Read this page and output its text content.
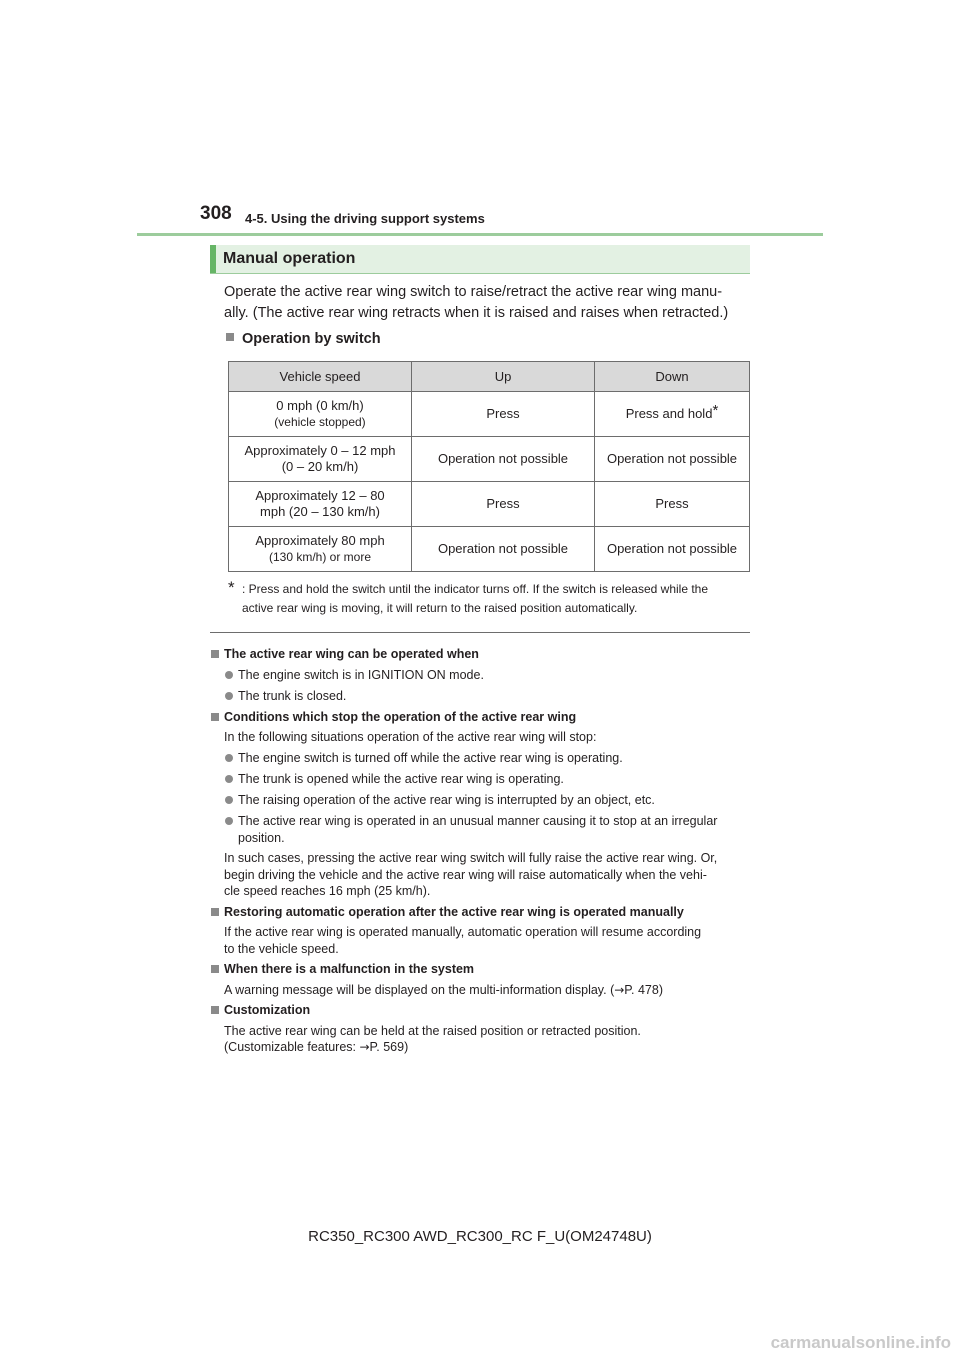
308 4-5. Using the driving support systems
Manual operation

Operate the active rear wing switch to raise/retract the active rear wing manu-

ally. (The active rear wing retracts when it is raised and raises when retracted.)

Operation by switch
Vehicle speed	Up	Down

0 mph (0 km/h)
(vehicle stopped)	Press	Press and hold*

Approximately 0 – 12 mph
(0 – 20 km/h)	Operation not possible	Operation not possible

Approximately 12 – 80
mph (20 – 130 km/h)	Press	Press

Approximately 80 mph
(130 km/h) or more	Operation not possible	Operation not possible
* : Press and hold the switch until the indicator turns off. If the switch is released while the
active rear wing is moving, it will return to the raised position automatically.
The active rear wing can be operated when
The engine switch is in IGNITION ON mode.
The trunk is closed.
Conditions which stop the operation of the active rear wing
In the following situations operation of the active rear wing will stop:
The engine switch is turned off while the active rear wing is operating.
The trunk is opened while the active rear wing is operating.
The raising operation of the active rear wing is interrupted by an object, etc.
The active rear wing is operated in an unusual manner causing it to stop at an irregular
position.
In such cases, pressing the active rear wing switch will fully raise the active rear wing. Or,
begin driving the vehicle and the active rear wing will raise automatically when the vehi-
cle speed reaches 16 mph (25 km/h).
Restoring automatic operation after the active rear wing is operated manually
If the active rear wing is operated manually, automatic operation will resume according
to the vehicle speed.
When there is a malfunction in the system
A warning message will be displayed on the multi-information display. (→P. 478)
Customization
The active rear wing can be held at the raised position or retracted position.
(Customizable features: →P. 569)
RC350_RC300 AWD_RC300_RC F_U(OM24748U)
carmanualsonline.info
